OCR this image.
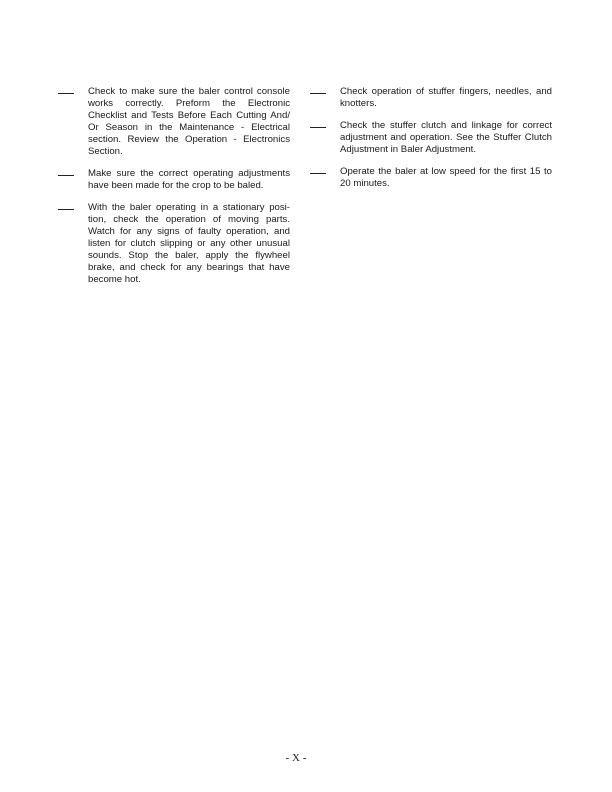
Check to make sure the baler control console works correctly. Preform the Electronic Checklist and Tests Before Each Cutting And/ Or Season in the Maintenance - Electrical section. Review the Operation - Electronics Section.
Make sure the correct operating adjustments have been made for the crop to be baled.
With the baler operating in a stationary posi-tion, check the operation of moving parts. Watch for any signs of faulty operation, and listen for clutch slipping or any other unusual sounds. Stop the baler, apply the flywheel brake, and check for any bearings that have become hot.
Check operation of stuffer fingers, needles, and knotters.
Check the stuffer clutch and linkage for correct adjustment and operation. See the Stuffer Clutch Adjustment in Baler Adjustment.
Operate the baler at low speed for the first 15 to 20 minutes.
- X -
